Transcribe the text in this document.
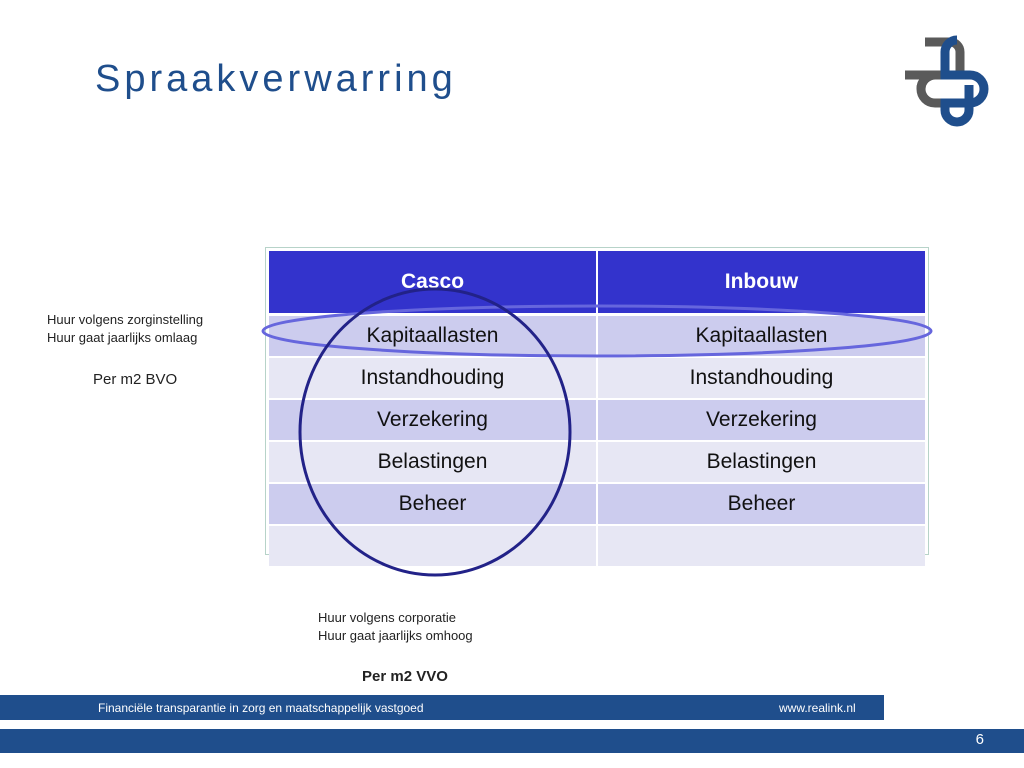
Spraakverwarring
Huur volgens zorginstelling
Huur gaat jaarlijks omlaag
Per m2 BVO
Casco	Inbouw
Kapitaallasten	Kapitaallasten
Instandhouding	Instandhouding
Verzekering	Verzekering
Belastingen	Belastingen
Beheer	Beheer

Huur volgens corporatie
Huur gaat jaarlijks omhoog
Per m2 VVO
Financiële transparantie in zorg en maatschappelijk vastgoed	www.realink.nl
6
